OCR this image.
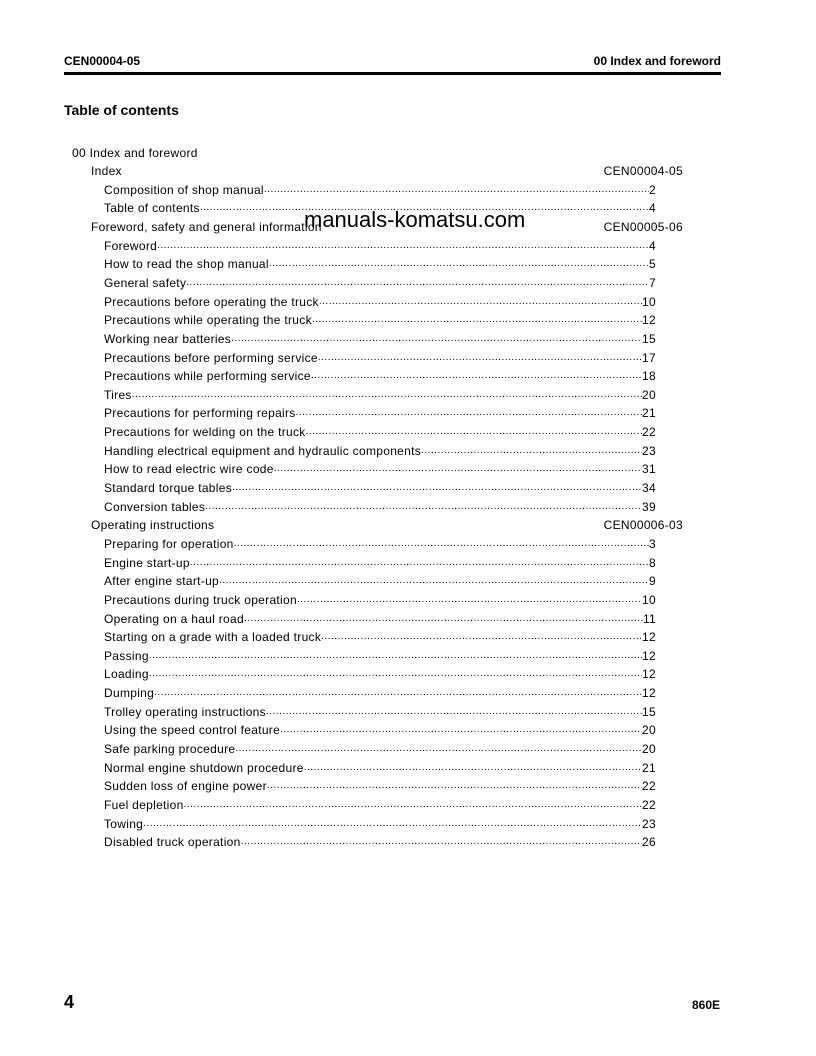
CEN00004-05	00 Index and foreword
Table of contents
00 Index and foreword
Index	CEN00004-05
Composition of shop manual .....	2
Table of contents .....	4
Foreword, safety and general information	CEN00005-06
Foreword .....	4
How to read the shop manual .....	5
General safety .....	7
Precautions before operating the truck .....	10
Precautions while operating the truck .....	12
Working near batteries .....	15
Precautions before performing service .....	17
Precautions while performing service .....	18
Tires .....	20
Precautions for performing repairs .....	21
Precautions for welding on the truck .....	22
Handling electrical equipment and hydraulic components .....	23
How to read electric wire code .....	31
Standard torque tables .....	34
Conversion tables .....	39
Operating instructions	CEN00006-03
Preparing for operation .....	3
Engine start-up .....	8
After engine start-up .....	9
Precautions during truck operation .....	10
Operating on a haul road .....	11
Starting on a grade with a loaded truck .....	12
Passing .....	12
Loading .....	12
Dumping .....	12
Trolley operating instructions .....	15
Using the speed control feature .....	20
Safe parking procedure .....	20
Normal engine shutdown procedure .....	21
Sudden loss of engine power .....	22
Fuel depletion .....	22
Towing .....	23
Disabled truck operation .....	26
manuals-komatsu.com
4	860E
